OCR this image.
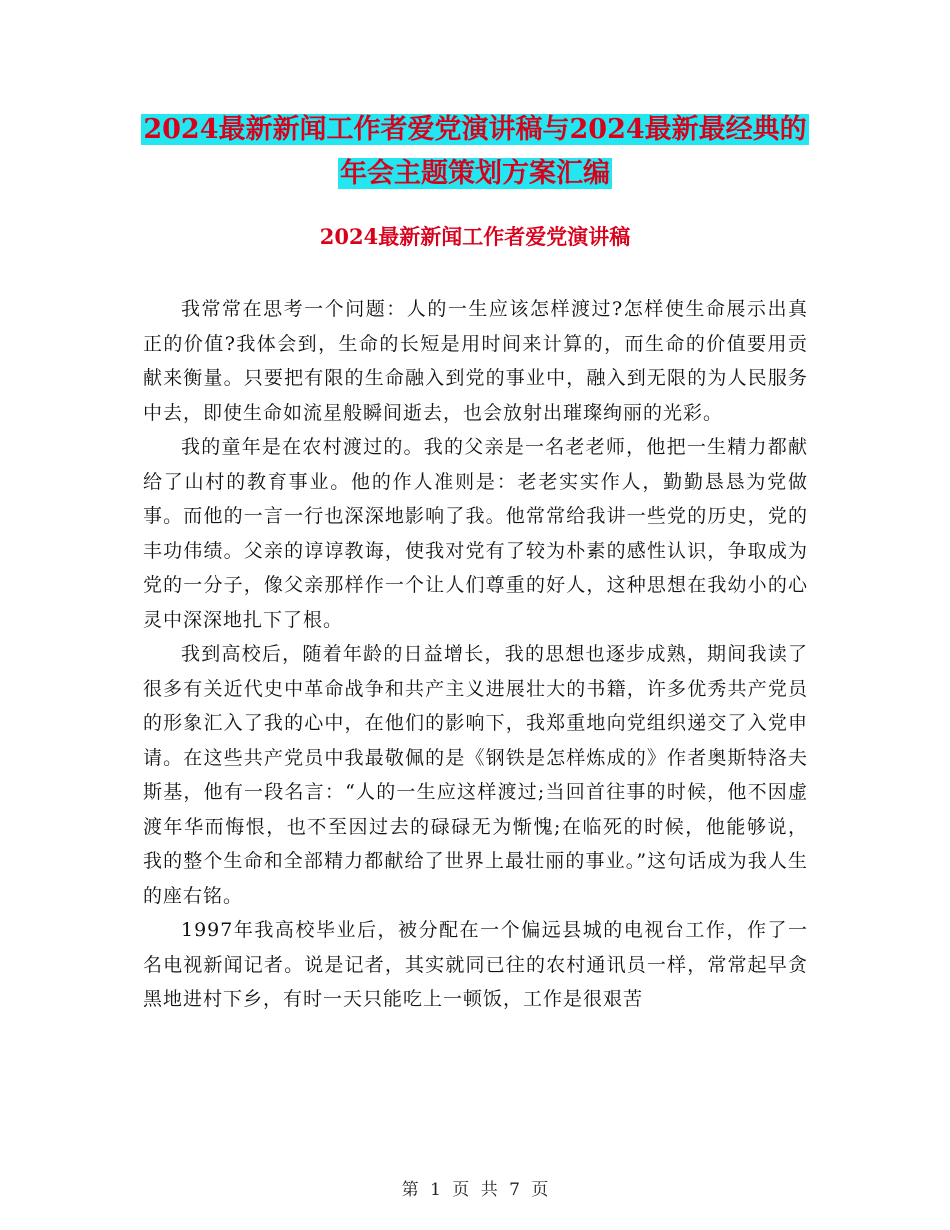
2024最新新闻工作者爱党演讲稿与2024最新最经典的
年会主题策划方案汇编
2024最新新闻工作者爱党演讲稿

我常常在思考一个问题：人的一生应该怎样渡过?怎样使生命展示出真正的价值?我体会到，生命的长短是用时间来计算的，而生命的价值要用贡献来衡量。只要把有限的生命融入到党的事业中，融入到无限的为人民服务中去，即使生命如流星般瞬间逝去，也会放射出璀璨绚丽的光彩。

我的童年是在农村渡过的。我的父亲是一名老老师，他把一生精力都献给了山村的教育事业。他的作人准则是：老老实实作人，勤勤恳恳为党做事。而他的一言一行也深深地影响了我。他常常给我讲一些党的历史，党的丰功伟绩。父亲的谆谆教诲，使我对党有了较为朴素的感性认识，争取成为党的一分子，像父亲那样作一个让人们尊重的好人，这种思想在我幼小的心灵中深深地扎下了根。

我到高校后，随着年龄的日益增长，我的思想也逐步成熟，期间我读了很多有关近代史中革命战争和共产主义进展壮大的书籍，许多优秀共产党员的形象汇入了我的心中，在他们的影响下，我郑重地向党组织递交了入党申请。在这些共产党员中我最敬佩的是《钢铁是怎样炼成的》作者奥斯特洛夫斯基，他有一段名言：“人的一生应这样渡过;当回首往事的时候，他不因虚渡年华而悔恨，也不至因过去的碌碌无为惭愧;在临死的时候，他能够说，我的整个生命和全部精力都献给了世界上最壮丽的事业。”这句话成为我人生的座右铭。

1997年我高校毕业后，被分配在一个偏远县城的电视台工作，作了一名电视新闻记者。说是记者，其实就同已往的农村通讯员一样，常常起早贪黑地进村下乡，有时一天只能吃上一顿饭，工作是很艰苦

第 1 页 共 7 页
